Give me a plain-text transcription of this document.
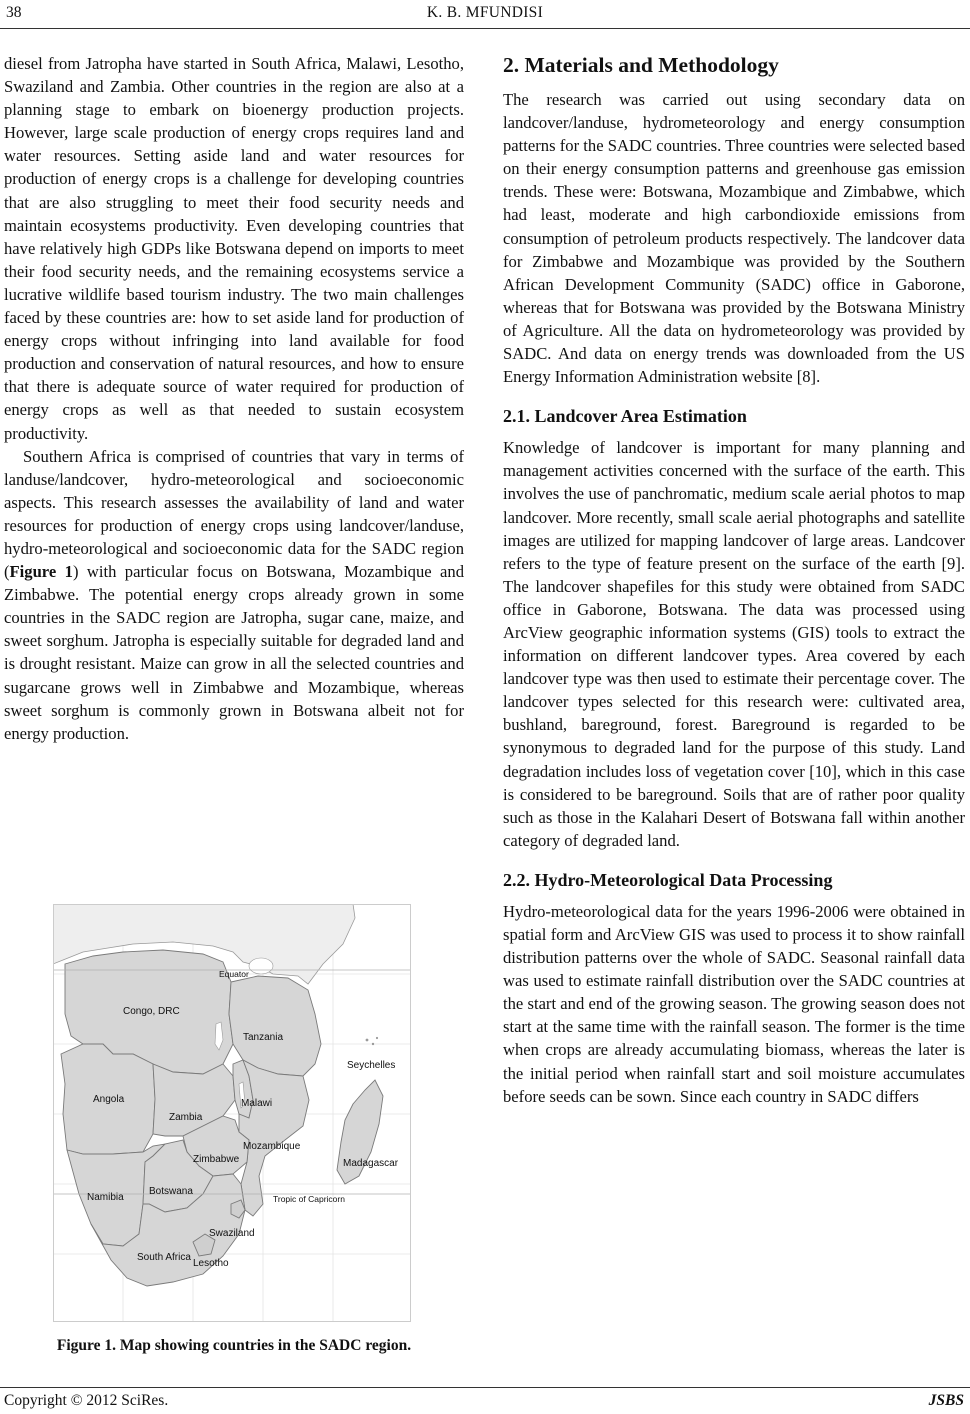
38	K. B. MFUNDISI

diesel from Jatropha have started in South Africa, Malawi, Lesotho, Swaziland and Zambia. Other countries in the region are also at a planning stage to embark on bioenergy production projects. However, large scale production of energy crops requires land and water resources. Setting aside land and water resources for production of energy crops is a challenge for developing countries that are also struggling to meet their food security needs and maintain ecosystems productivity. Even developing countries that have relatively high GDPs like Botswana depend on imports to meet their food security needs, and the remaining ecosystems service a lucrative wildlife based tourism industry. The two main challenges faced by these countries are: how to set aside land for production of energy crops without infringing into land available for food production and conservation of natural resources, and how to ensure that there is adequate source of water required for production of energy crops as well as that needed to sustain ecosystem productivity.

Southern Africa is comprised of countries that vary in terms of landuse/landcover, hydro-meteorological and socioeconomic aspects. This research assesses the availability of land and water resources for production of energy crops using landcover/landuse, hydro-meteorological and socioeconomic data for the SADC region (Figure 1) with particular focus on Botswana, Mozambique and Zimbabwe. The potential energy crops already grown in some countries in the SADC region are Jatropha, sugar cane, maize, and sweet sorghum. Jatropha is especially suitable for degraded land and is drought resistant. Maize can grow in all the selected countries and sugarcane grows well in Zimbabwe and Mozambique, whereas sweet sorghum is commonly grown in Botswana albeit not for energy production.

Equator
Congo, DRC
Tanzania
Seychelles
Angola	Malawi
Zambia
Mozambique
Zimbabwe	Madagascar
Namibia
Botswana
Tropic of Capricorn
Swaziland
South Africa
Lesotho
Figure 1. Map showing countries in the SADC region.
2. Materials and Methodology

The research was carried out using secondary data on landcover/landuse, hydrometeorology and energy consumption patterns for the SADC countries. Three countries were selected based on their energy consumption patterns and greenhouse gas emission trends. These were: Botswana, Mozambique and Zimbabwe, which had least, moderate and high carbondioxide emissions from consumption of petroleum products respectively. The landcover data for Zimbabwe and Mozambique was provided by the Southern African Development Community (SADC) office in Gaborone, whereas that for Botswana was provided by the Botswana Ministry of Agriculture. All the data on hydrometeorology was provided by SADC. And data on energy trends was downloaded from the US Energy Information Administration website [8].

2.1. Landcover Area Estimation

Knowledge of landcover is important for many planning and management activities concerned with the surface of the earth. This involves the use of panchromatic, medium scale aerial photos to map landcover. More recently, small scale aerial photographs and satellite images are utilized for mapping landcover of large areas. Landcover refers to the type of feature present on the surface of the earth [9]. The landcover shapefiles for this study were obtained from SADC office in Gaborone, Botswana. The data was processed using ArcView geographic information systems (GIS) tools to extract the information on different landcover types. Area covered by each landcover type was then used to estimate their percentage cover. The landcover types selected for this research were: cultivated area, bushland, bareground, forest. Bareground is regarded to be synonymous to degraded land for the purpose of this study. Land degradation includes loss of vegetation cover [10], which in this case is considered to be bareground. Soils that are of rather poor quality such as those in the Kalahari Desert of Botswana fall within another category of degraded land.

2.2. Hydro-Meteorological Data Processing

Hydro-meteorological data for the years 1996-2006 were obtained in spatial form and ArcView GIS was used to process it to show rainfall distribution patterns over the whole of SADC. Seasonal rainfall data was used to estimate rainfall distribution over the SADC countries at the start and end of the growing season. The growing season does not start at the same time with the rainfall season. The former is the time when crops are already accumulating biomass, whereas the later is the initial period when rainfall start and soil moisture accumulates before seeds can be sown. Since each country in SADC differs

Copyright © 2012 SciRes.	JSBS
